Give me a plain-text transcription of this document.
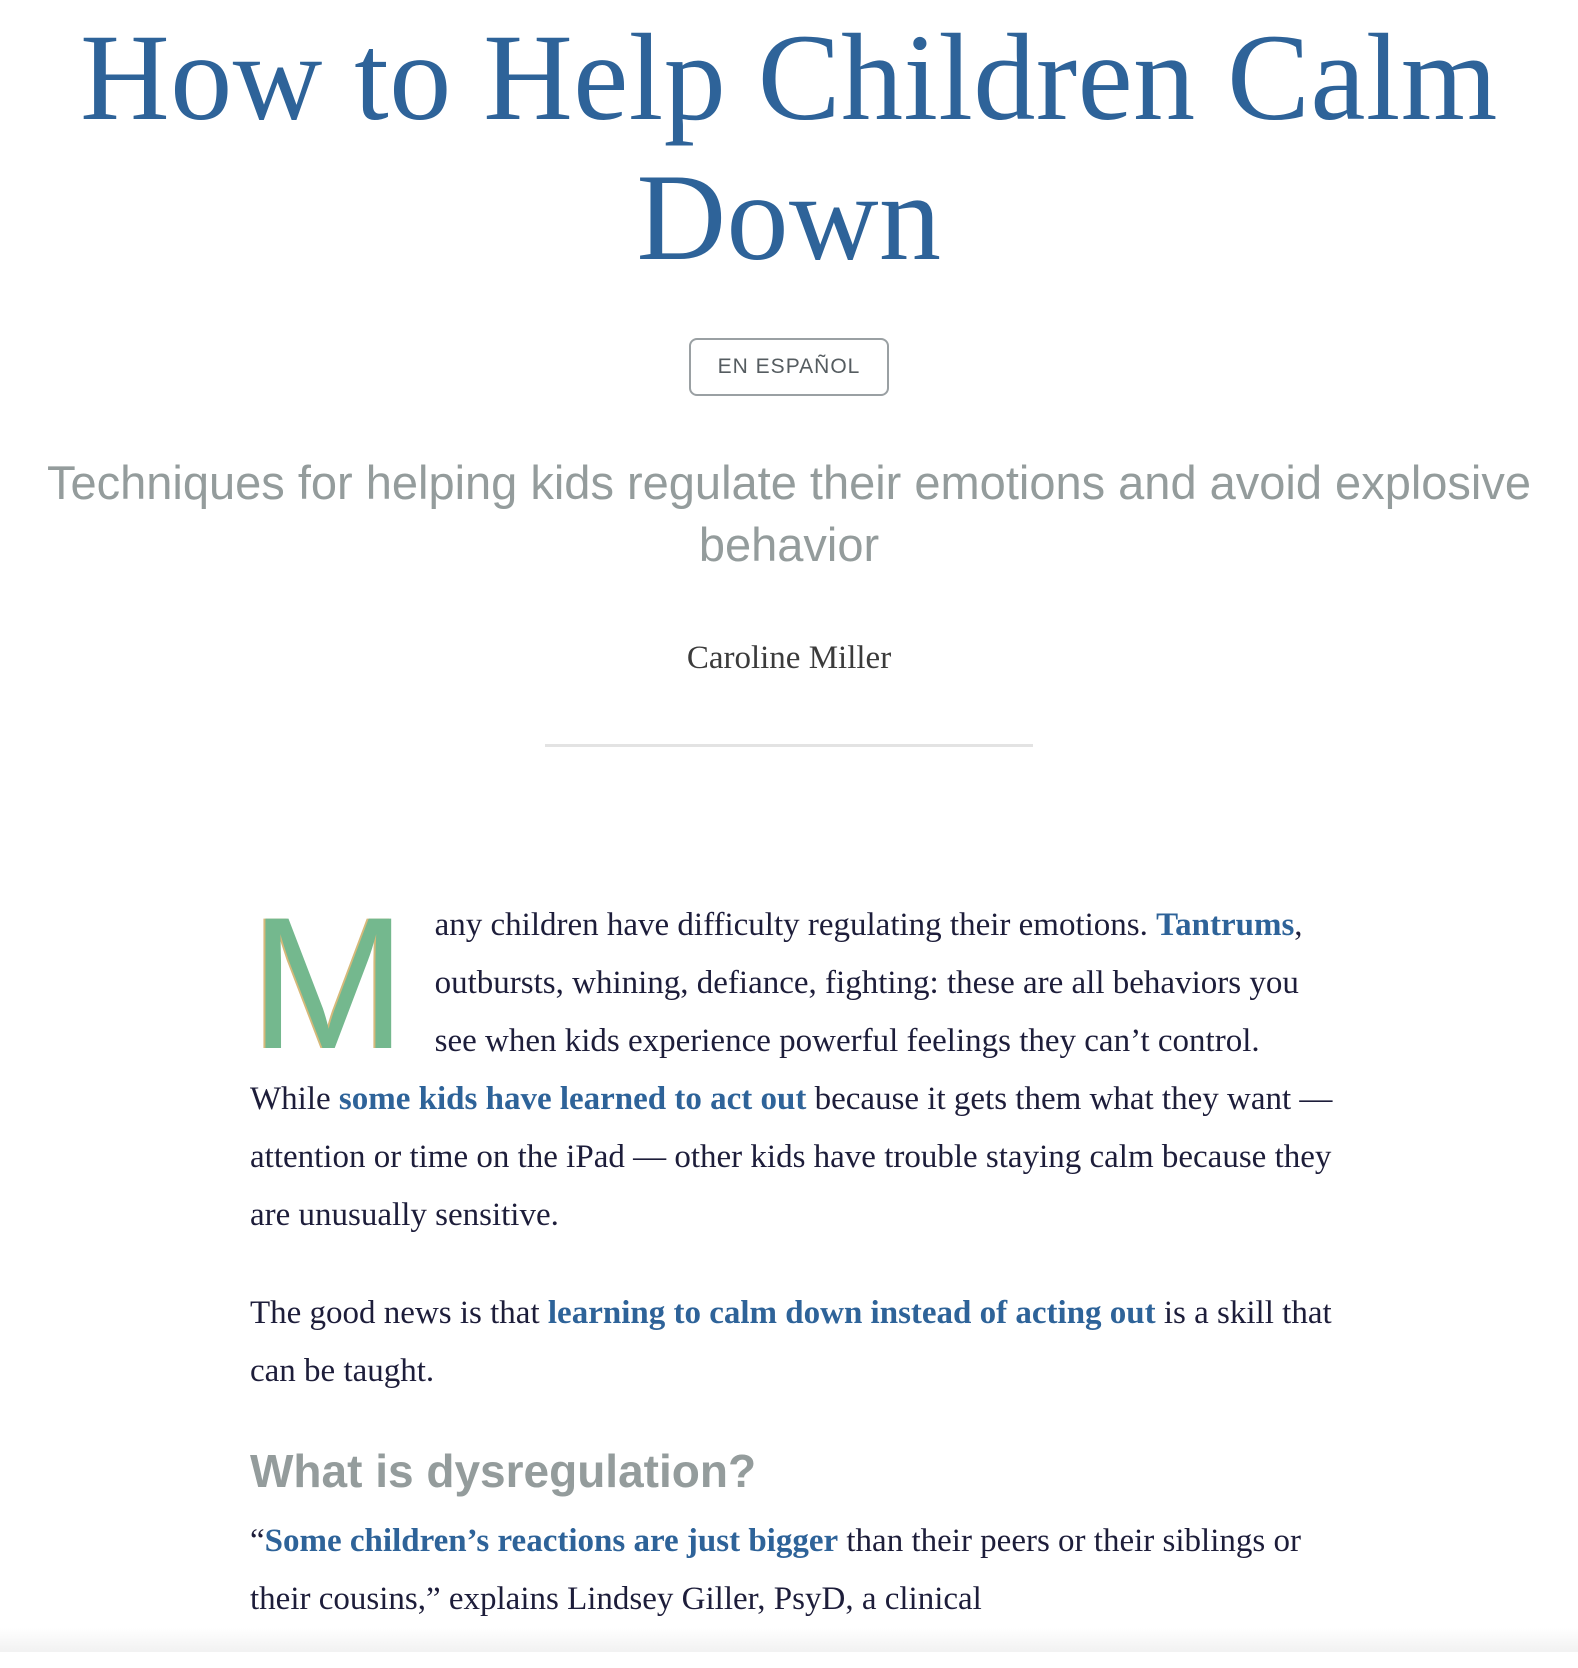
How to Help Children Calm Down
EN ESPAÑOL
Techniques for helping kids regulate their emotions and avoid explosive behavior
Caroline Miller

Many children have difficulty regulating their emotions. Tantrums, outbursts, whining, defiance, fighting: these are all behaviors you see when kids experience powerful feelings they can’t control. While some kids have learned to act out because it gets them what they want — attention or time on the iPad — other kids have trouble staying calm because they are unusually sensitive.

The good news is that learning to calm down instead of acting out is a skill that can be taught.

What is dysregulation?

“Some children’s reactions are just bigger than their peers or their siblings or their cousins,” explains Lindsey Giller, PsyD, a clinical
